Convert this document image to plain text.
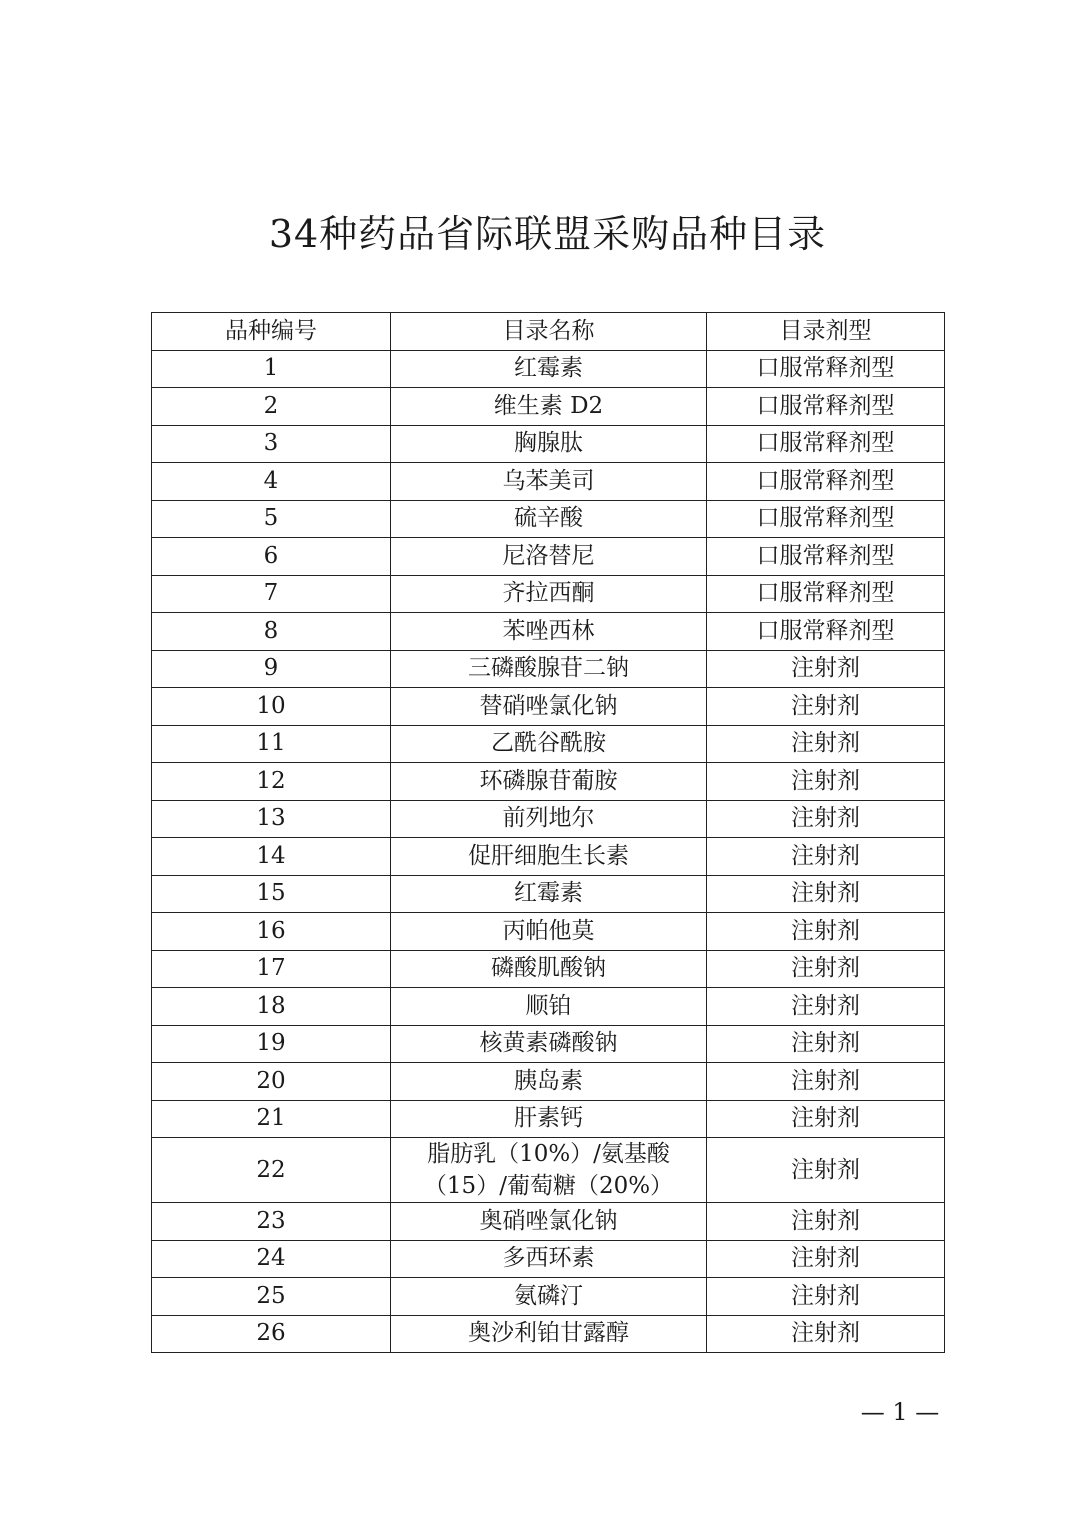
34种药品省际联盟采购品种目录
品种编号	目录名称	目录剂型
1	红霉素	口服常释剂型
2	维生素 D2	口服常释剂型
3	胸腺肽	口服常释剂型
4	乌苯美司	口服常释剂型
5	硫辛酸	口服常释剂型
6	尼洛替尼	口服常释剂型
7	齐拉西酮	口服常释剂型
8	苯唑西林	口服常释剂型
9	三磷酸腺苷二钠	注射剂
10	替硝唑氯化钠	注射剂
11	乙酰谷酰胺	注射剂
12	环磷腺苷葡胺	注射剂
13	前列地尔	注射剂
14	促肝细胞生长素	注射剂
15	红霉素	注射剂
16	丙帕他莫	注射剂
17	磷酸肌酸钠	注射剂
18	顺铂	注射剂
19	核黄素磷酸钠	注射剂
20	胰岛素	注射剂
21	肝素钙	注射剂
22	脂肪乳（10%）/氨基酸（15）/葡萄糖（20%）	注射剂
23	奥硝唑氯化钠	注射剂
24	多西环素	注射剂
25	氨磷汀	注射剂
26	奥沙利铂甘露醇	注射剂
— 1 —
